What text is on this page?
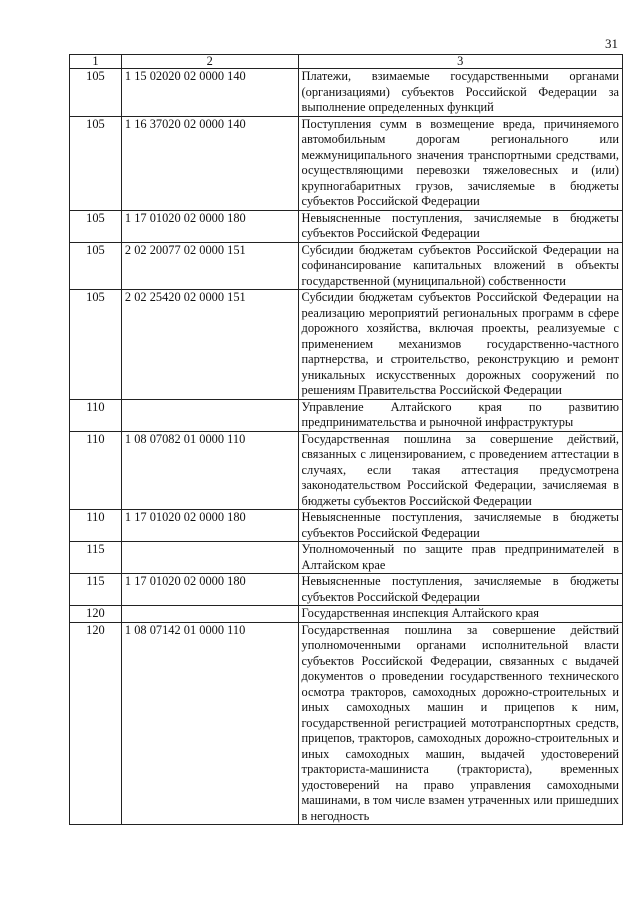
31
1	2	3
105	1 15 02020 02 0000 140	Платежи, взимаемые государственными органами (организациями) субъектов Российской Федерации за выполнение определенных функций
105	1 16 37020 02 0000 140	Поступления сумм в возмещение вреда, причиняемого автомобильным дорогам регионального или межмуниципального значения транспортными средствами, осуществляющими перевозки тяжеловесных и (или) крупногабаритных грузов, зачисляемые в бюджеты субъектов Российской Федерации
105	1 17 01020 02 0000 180	Невыясненные поступления, зачисляемые в бюджеты субъектов Российской Федерации
105	2 02 20077 02 0000 151	Субсидии бюджетам субъектов Российской Федерации на софинансирование капитальных вложений в объекты государственной (муниципальной) собственности
105	2 02 25420 02 0000 151	Субсидии бюджетам субъектов Российской Федерации на реализацию мероприятий региональных программ в сфере дорожного хозяйства, включая проекты, реализуемые с применением механизмов государственно-частного партнерства, и строительство, реконструкцию и ремонт уникальных искусственных дорожных сооружений по решениям Правительства Российской Федерации
110		Управление Алтайского края по развитию предпринимательства и рыночной инфраструктуры
110	1 08 07082 01 0000 110	Государственная пошлина за совершение действий, связанных с лицензированием, с проведением аттестации в случаях, если такая аттестация предусмотрена законодательством Российской Федерации, зачисляемая в бюджеты субъектов Российской Федерации
110	1 17 01020 02 0000 180	Невыясненные поступления, зачисляемые в бюджеты субъектов Российской Федерации
115		Уполномоченный по защите прав предпринимателей в Алтайском крае
115	1 17 01020 02 0000 180	Невыясненные поступления, зачисляемые в бюджеты субъектов Российской Федерации
120		Государственная инспекция Алтайского края
120	1 08 07142 01 0000 110	Государственная пошлина за совершение действий уполномоченными органами исполнительной власти субъектов Российской Федерации, связанных с выдачей документов о проведении государственного технического осмотра тракторов, самоходных дорожно-строительных и иных самоходных машин и прицепов к ним, государственной регистрацией мототранспортных средств, прицепов, тракторов, самоходных дорожно-строительных и иных самоходных машин, выдачей удостоверений тракториста-машиниста (тракториста), временных удостоверений на право управления самоходными машинами, в том числе взамен утраченных или пришедших в негодность
